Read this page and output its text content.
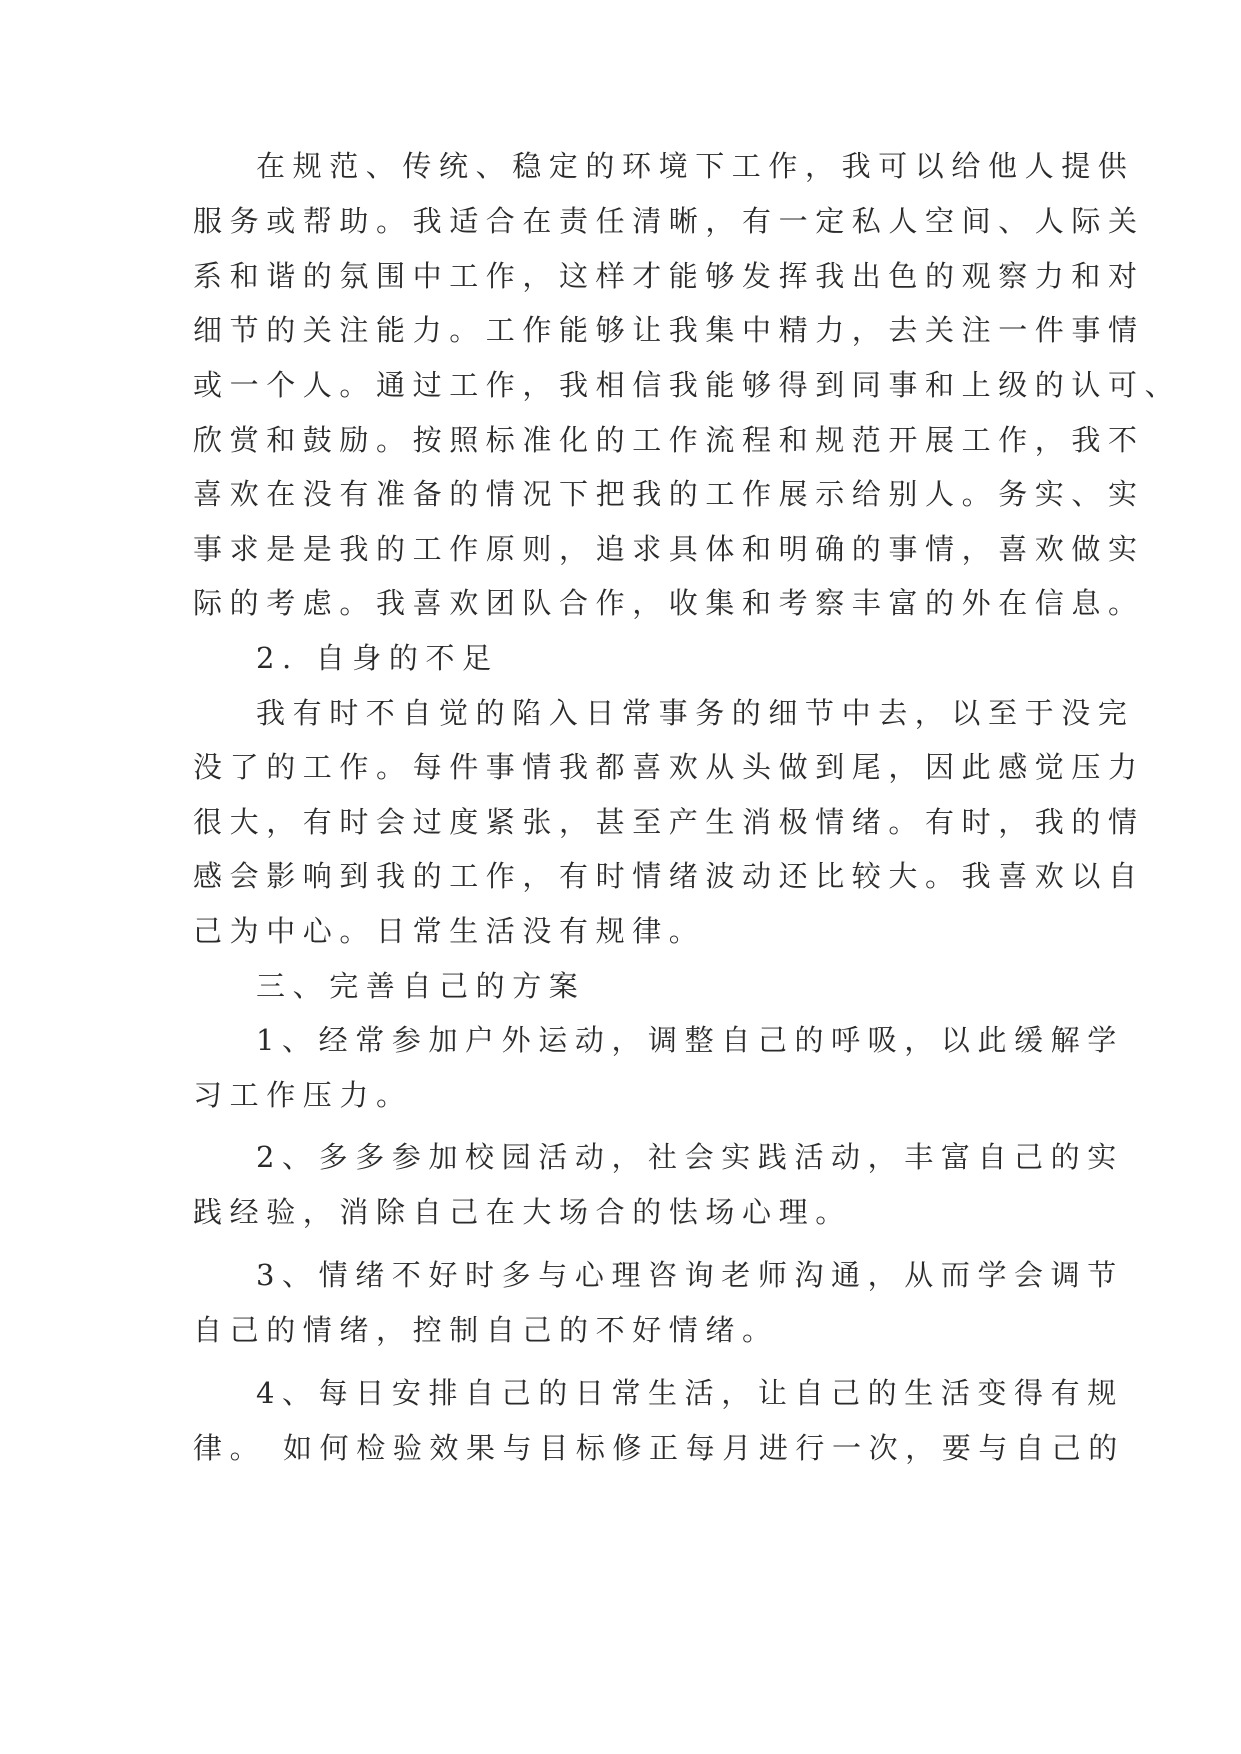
在规范、传统、稳定的环境下工作，我可以给他人提供
服务或帮助。我适合在责任清晰，有一定私人空间、人际关
系和谐的氛围中工作，这样才能够发挥我出色的观察力和对
细节的关注能力。工作能够让我集中精力，去关注一件事情
或一个人。通过工作，我相信我能够得到同事和上级的认可、
欣赏和鼓励。按照标准化的工作流程和规范开展工作，我不
喜欢在没有准备的情况下把我的工作展示给别人。务实、实
事求是是我的工作原则，追求具体和明确的事情，喜欢做实
际的考虑。我喜欢团队合作，收集和考察丰富的外在信息。
2. 自身的不足
我有时不自觉的陷入日常事务的细节中去，以至于没完
没了的工作。每件事情我都喜欢从头做到尾，因此感觉压力
很大，有时会过度紧张，甚至产生消极情绪。有时，我的情
感会影响到我的工作，有时情绪波动还比较大。我喜欢以自
己为中心。日常生活没有规律。
三、完善自己的方案
1、经常参加户外运动，调整自己的呼吸，以此缓解学
习工作压力。
2、多多参加校园活动，社会实践活动，丰富自己的实
践经验，消除自己在大场合的怯场心理。
3、情绪不好时多与心理咨询老师沟通，从而学会调节
自己的情绪，控制自己的不好情绪。
4、每日安排自己的日常生活，让自己的生活变得有规
律。 如何检验效果与目标修正每月进行一次，要与自己的
